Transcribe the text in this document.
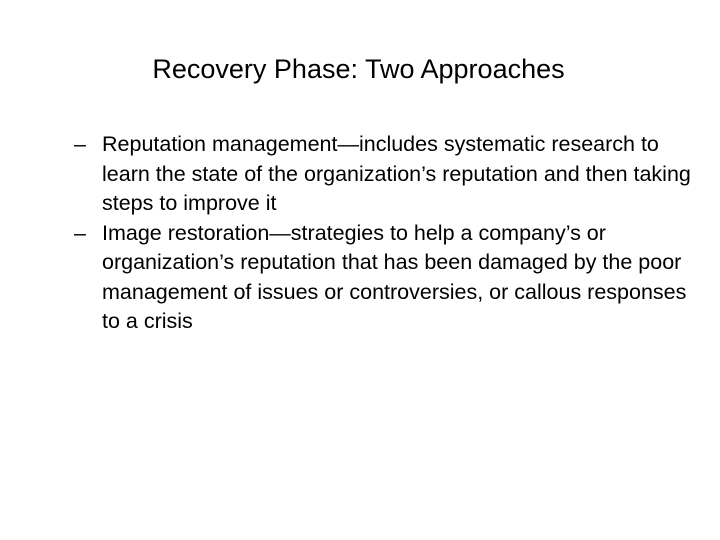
Recovery Phase: Two Approaches
– Reputation management—includes systematic research to learn the state of the organization’s reputation and then taking steps to improve it
– Image restoration—strategies to help a company’s or organization’s reputation that has been damaged by the poor management of issues or controversies, or callous responses to a crisis
